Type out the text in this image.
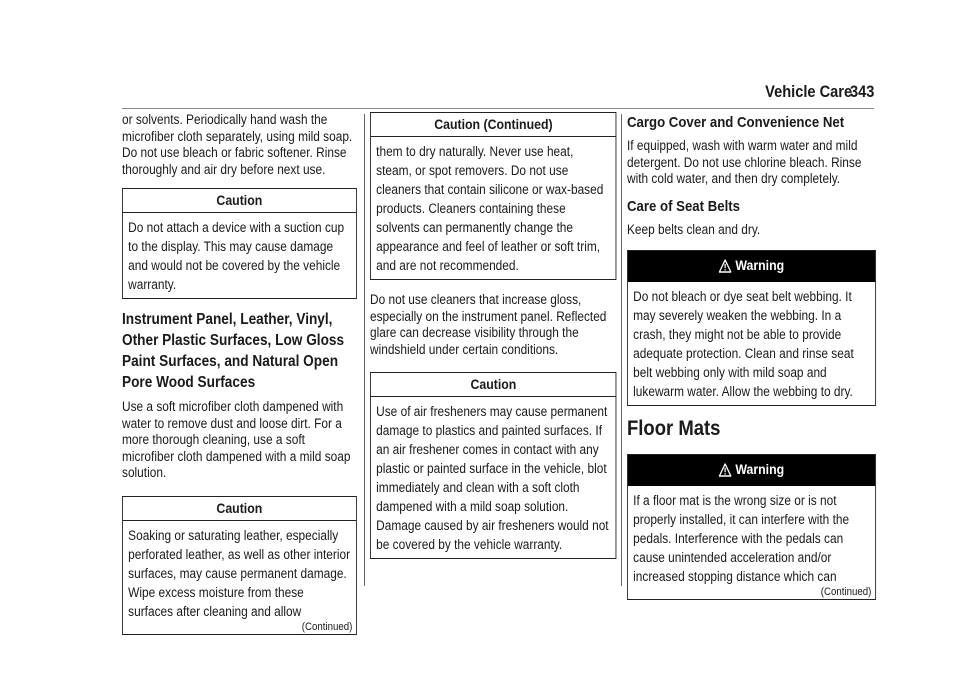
Vehicle Care
343

or solvents. Periodically hand wash the microfiber cloth separately, using mild soap. Do not use bleach or fabric softener. Rinse thoroughly and air dry before next use.

Caution
Do not attach a device with a suction cup to the display. This may cause damage and would not be covered by the vehicle warranty.
Instrument Panel, Leather, Vinyl, Other Plastic Surfaces, Low Gloss Paint Surfaces, and Natural Open Pore Wood Surfaces

Use a soft microfiber cloth dampened with water to remove dust and loose dirt. For a more thorough cleaning, use a soft microfiber cloth dampened with a mild soap solution.

Caution
Soaking or saturating leather, especially perforated leather, as well as other interior surfaces, may cause permanent damage. Wipe excess moisture from these surfaces after cleaning and allow
(Continued)
Caution (Continued)
them to dry naturally. Never use heat, steam, or spot removers. Do not use cleaners that contain silicone or wax-based products. Cleaners containing these solvents can permanently change the appearance and feel of leather or soft trim, and are not recommended.

Do not use cleaners that increase gloss, especially on the instrument panel. Reflected glare can decrease visibility through the windshield under certain conditions.

Caution
Use of air fresheners may cause permanent damage to plastics and painted surfaces. If an air freshener comes in contact with any plastic or painted surface in the vehicle, blot immediately and clean with a soft cloth dampened with a mild soap solution. Damage caused by air fresheners would not be covered by the vehicle warranty.
Cargo Cover and Convenience Net

If equipped, wash with warm water and mild detergent. Do not use chlorine bleach. Rinse with cold water, and then dry completely.

Care of Seat Belts

Keep belts clean and dry.

Warning
Do not bleach or dye seat belt webbing. It may severely weaken the webbing. In a crash, they might not be able to provide adequate protection. Clean and rinse seat belt webbing only with mild soap and lukewarm water. Allow the webbing to dry.
Floor Mats
Warning
If a floor mat is the wrong size or is not properly installed, it can interfere with the pedals. Interference with the pedals can cause unintended acceleration and/or increased stopping distance which can
(Continued)
